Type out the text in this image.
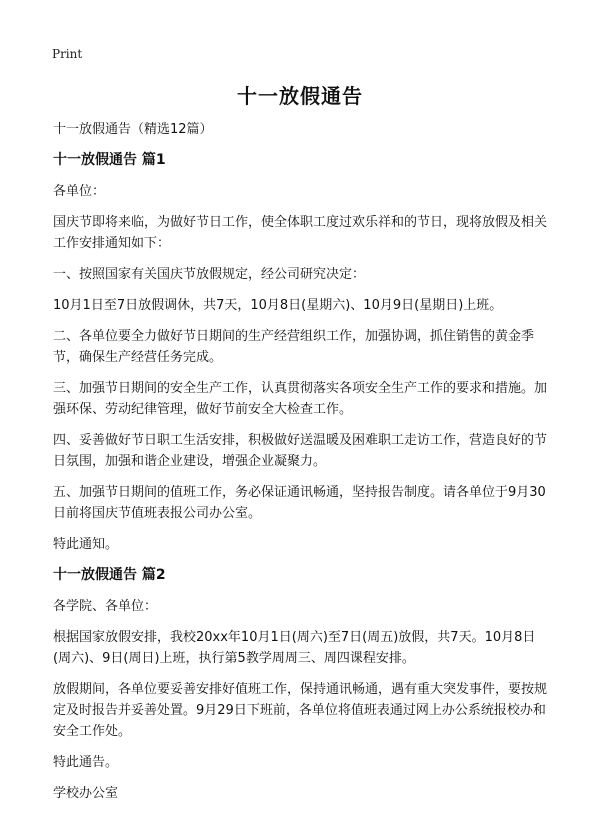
Print
十一放假通告

十一放假通告（精选12篇）

十一放假通告 篇1

各单位：

国庆节即将来临，为做好节日工作，使全体职工度过欢乐祥和的节日，现将放假及相关工作安排通知如下：

一、按照国家有关国庆节放假规定，经公司研究决定：

10月1日至7日放假调休，共7天，10月8日(星期六)、10月9日(星期日)上班。

二、各单位要全力做好节日期间的生产经营组织工作，加强协调，抓住销售的黄金季节，确保生产经营任务完成。

三、加强节日期间的安全生产工作，认真贯彻落实各项安全生产工作的要求和措施。加强环保、劳动纪律管理，做好节前安全大检查工作。

四、妥善做好节日职工生活安排，积极做好送温暖及困难职工走访工作，营造良好的节日氛围，加强和谐企业建设，增强企业凝聚力。

五、加强节日期间的值班工作，务必保证通讯畅通，坚持报告制度。请各单位于9月30日前将国庆节值班表报公司办公室。

特此通知。

十一放假通告 篇2

各学院、各单位：

根据国家放假安排，我校20xx年10月1日(周六)至7日(周五)放假，共7天。10月8日(周六)、9日(周日)上班，执行第5教学周周三、周四课程安排。

放假期间，各单位要妥善安排好值班工作，保持通讯畅通，遇有重大突发事件，要按规定及时报告并妥善处置。9月29日下班前，各单位将值班表通过网上办公系统报校办和安全工作处。

特此通告。

学校办公室
